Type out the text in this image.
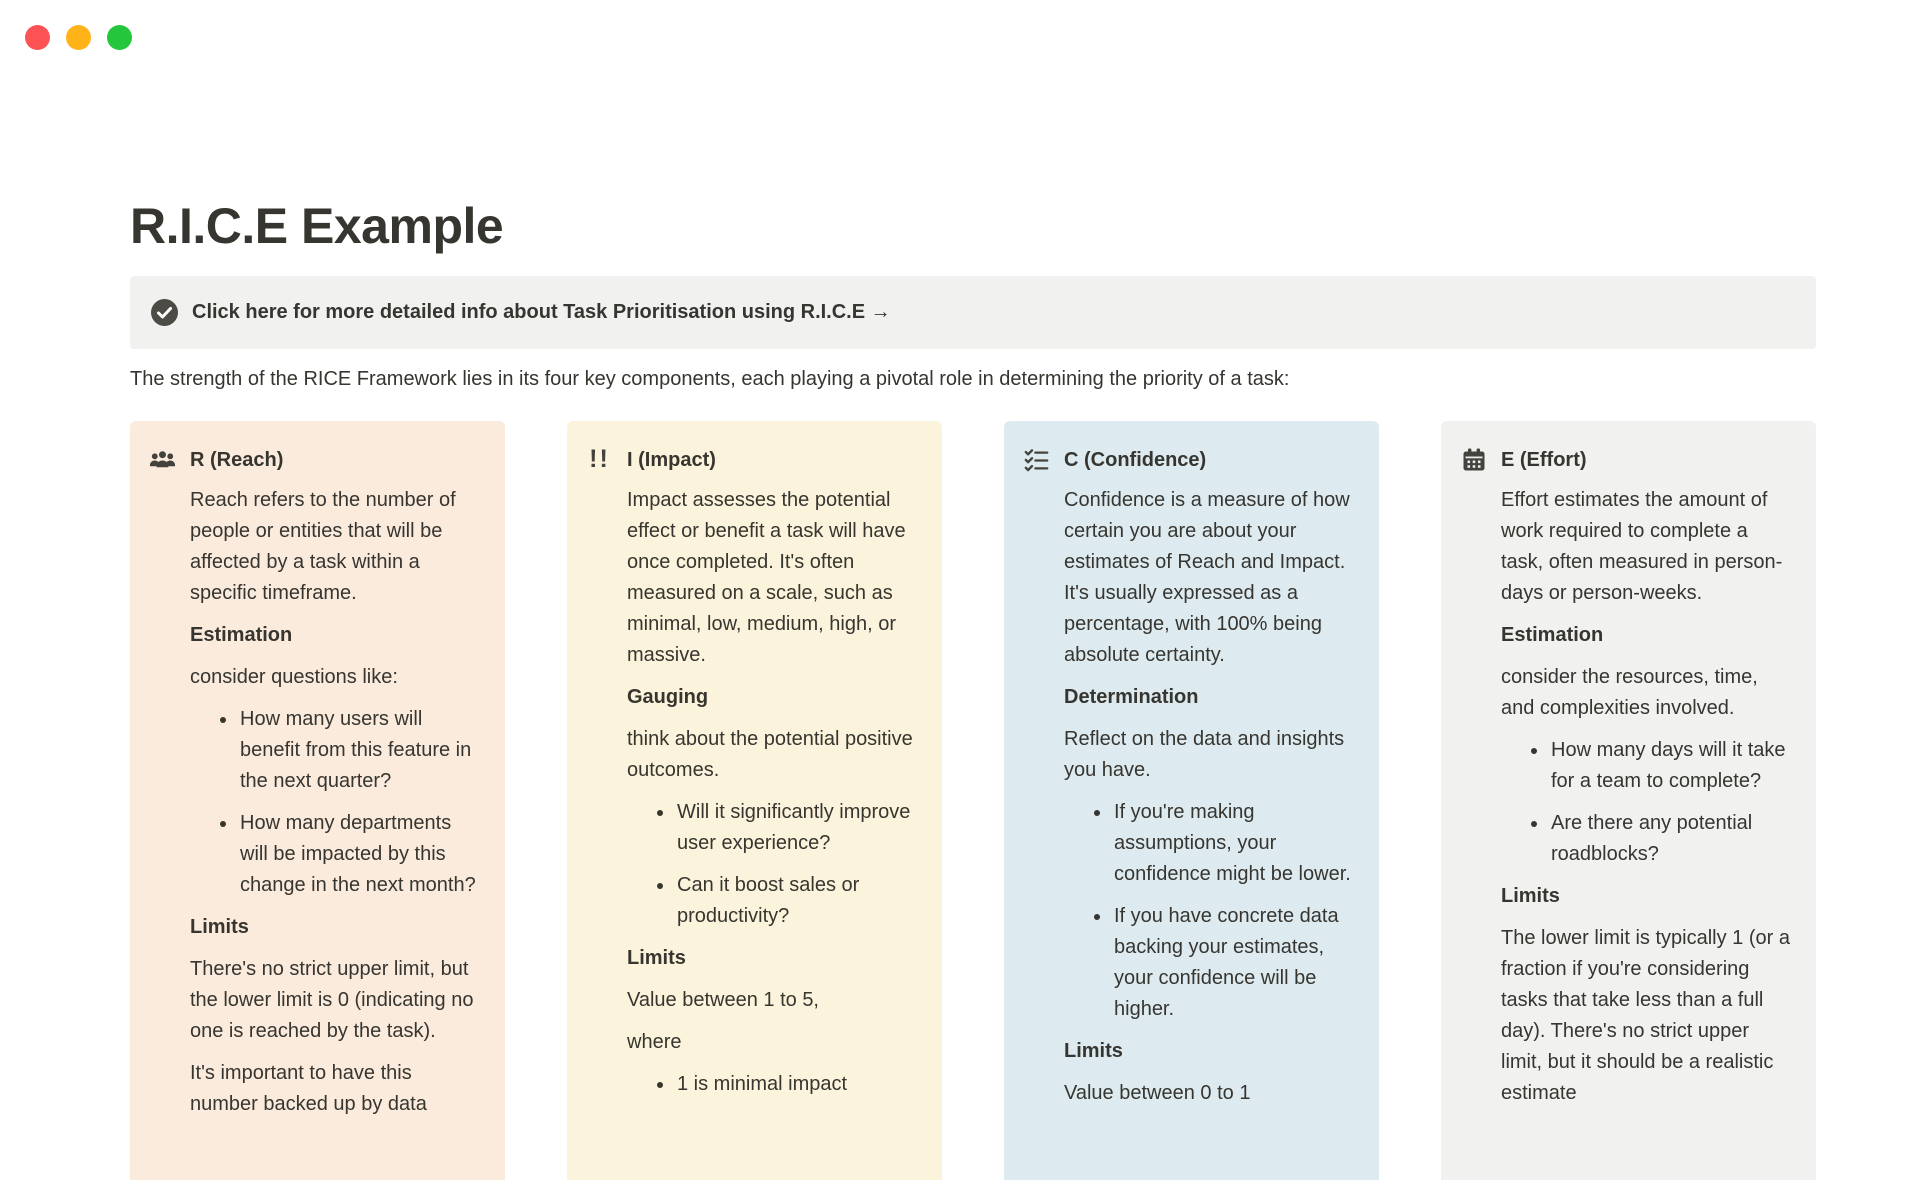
R.I.C.E Example
Click here for more detailed info about Task Prioritisation using R.I.C.E →

The strength of the RICE Framework lies in its four key components, each playing a pivotal role in determining the priority of a task:

R (Reach)

Reach refers to the number of people or entities that will be affected by a task within a specific timeframe.

Estimation

consider questions like:

• How many users will benefit from this feature in the next quarter?
• How many departments will be impacted by this change in the next month?
Limits

There's no strict upper limit, but the lower limit is 0 (indicating no one is reached by the task).

It's important to have this number backed up by data

!! I (Impact)

Impact assesses the potential effect or benefit a task will have once completed. It's often measured on a scale, such as minimal, low, medium, high, or massive.

Gauging

think about the potential positive outcomes.

• Will it significantly improve user experience?
• Can it boost sales or productivity?
Limits

Value between 1 to 5,

where

• 1 is minimal impact
C (Confidence)

Confidence is a measure of how certain you are about your estimates of Reach and Impact. It's usually expressed as a percentage, with 100% being absolute certainty.

Determination

Reflect on the data and insights you have.

• If you're making assumptions, your confidence might be lower.
• If you have concrete data backing your estimates, your confidence will be higher.
Limits

Value between 0 to 1

E (Effort)

Effort estimates the amount of work required to complete a task, often measured in person-days or person-weeks.

Estimation

consider the resources, time, and complexities involved.

• How many days will it take for a team to complete?
• Are there any potential roadblocks?
Limits

The lower limit is typically 1 (or a fraction if you're considering tasks that take less than a full day). There's no strict upper limit, but it should be a realistic estimate
